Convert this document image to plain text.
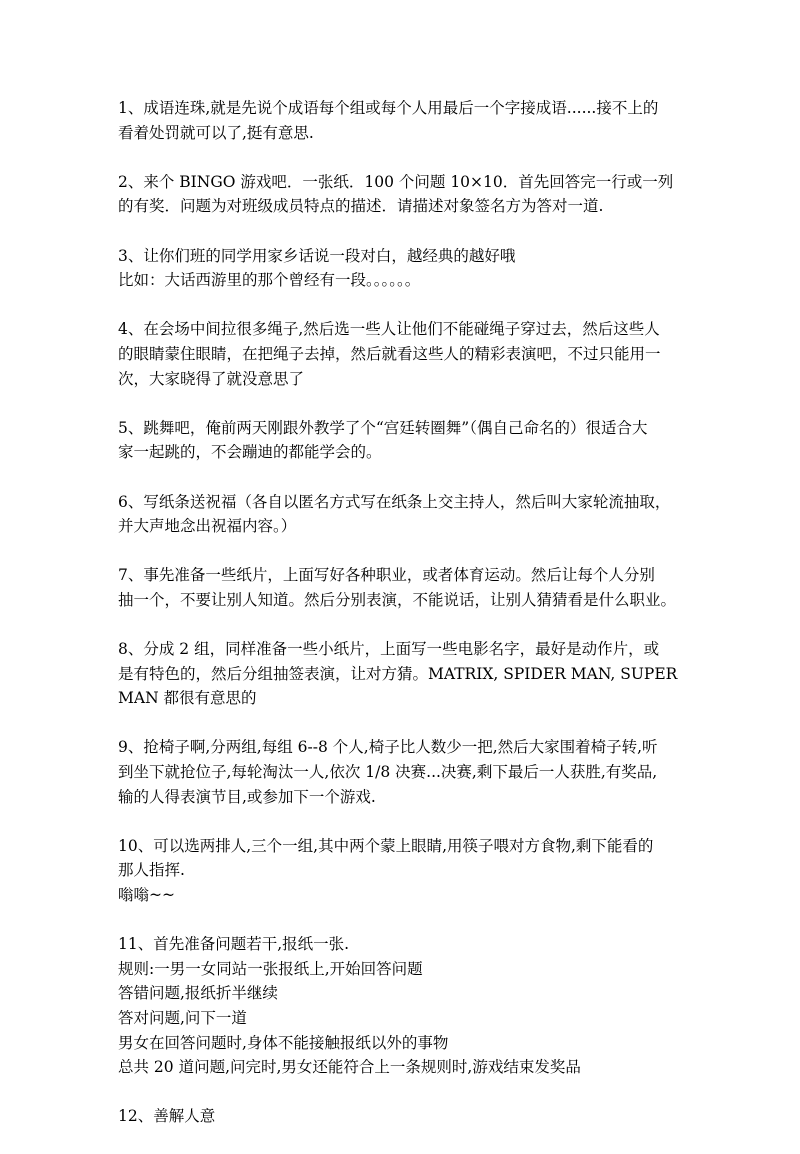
1、成语连珠,就是先说个成语每个组或每个人用最后一个字接成语......接不上的
看着处罚就可以了,挺有意思.
2、来个 BINGO 游戏吧．一张纸．100 个问题 10×10．首先回答完一行或一列
的有奖．问题为对班级成员特点的描述．请描述对象签名方为答对一道.
3、让你们班的同学用家乡话说一段对白，越经典的越好哦
比如：大话西游里的那个曾经有一段。。。。。。
4、在会场中间拉很多绳子,然后选一些人让他们不能碰绳子穿过去，然后这些人
的眼睛蒙住眼睛，在把绳子去掉，然后就看这些人的精彩表演吧，不过只能用一
次，大家晓得了就没意思了
5、跳舞吧，俺前两天刚跟外教学了个“宫廷转圈舞”（偶自己命名的）很适合大
家一起跳的，不会蹦迪的都能学会的。
6、写纸条送祝福（各自以匿名方式写在纸条上交主持人，然后叫大家轮流抽取，
并大声地念出祝福内容。）
7、事先准备一些纸片，上面写好各种职业，或者体育运动。然后让每个人分别
抽一个，不要让别人知道。然后分别表演，不能说话，让别人猜猜看是什么职业。
8、分成 2 组，同样准备一些小纸片，上面写一些电影名字，最好是动作片，或
是有特色的，然后分组抽签表演，让对方猜。MATRIX, SPIDER MAN, SUPER
MAN 都很有意思的
9、抢椅子啊,分两组,每组 6--8 个人,椅子比人数少一把,然后大家围着椅子转,听
到坐下就抢位子,每轮淘汰一人,依次 1/8 决赛...决赛,剩下最后一人获胜,有奖品,
输的人得表演节目,或参加下一个游戏.
10、可以选两排人,三个一组,其中两个蒙上眼睛,用筷子喂对方食物,剩下能看的
那人指挥.
嗡嗡~~
11、首先准备问题若干,报纸一张.
规则:一男一女同站一张报纸上,开始回答问题
答错问题,报纸折半继续
答对问题,问下一道
男女在回答问题时,身体不能接触报纸以外的事物
总共 20 道问题,问完时,男女还能符合上一条规则时,游戏结束发奖品
12、善解人意
